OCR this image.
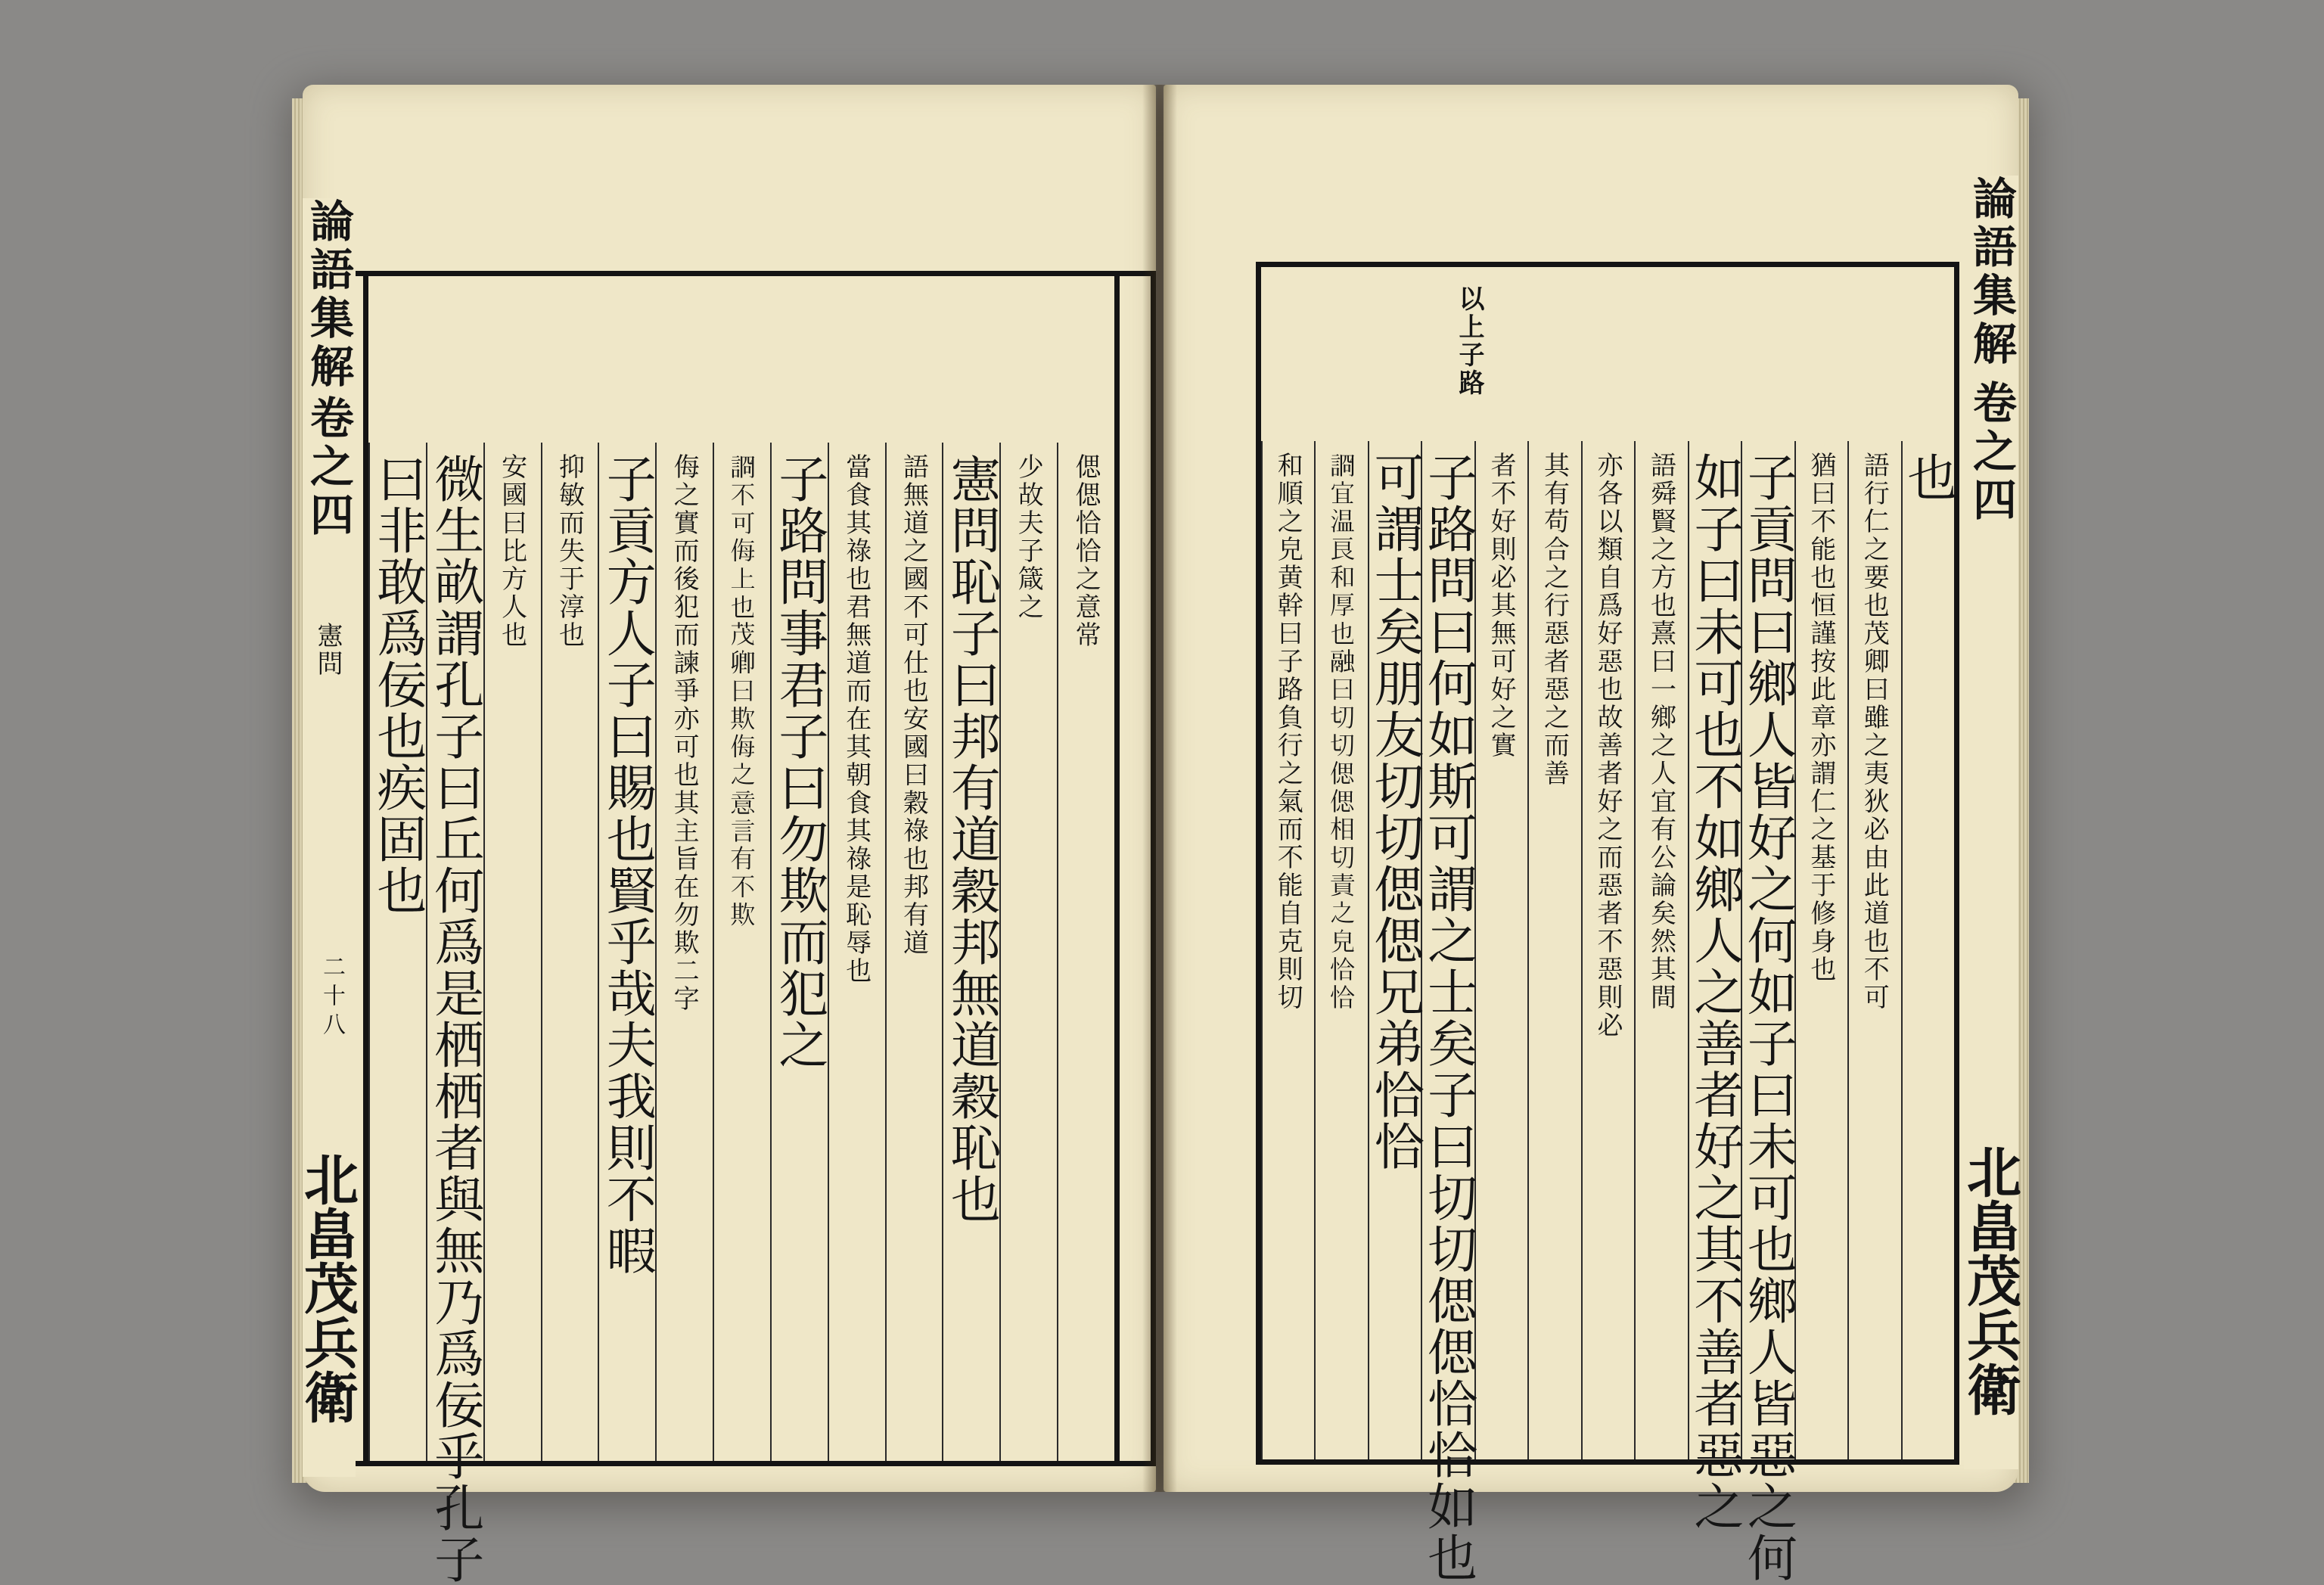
論語集解
卷之四
憲問
二十八
北畠茂兵衛
偲偲恰恰之意常
少故夫子箴之
憲問恥子曰邦有道穀邦無道穀恥也
語無道之國不可仕也安國曰穀祿也邦有道
當食其祿也君無道而在其朝食其祿是恥辱也
子路問事君子曰勿欺而犯之
𧨝不可侮上也茂卿曰欺侮之意言有不欺
侮之實而後犯而諫爭亦可也其主旨在勿欺二字
子貢方人子曰賜也賢乎哉夫我則不暇
抑敏而失于淳也
安國曰比方人也
微生畝謂孔子曰丘何爲是栖栖者與無乃爲佞乎孔子
曰非敢爲佞也疾固也
以上子路
也
語行仁之要也茂卿曰雖之夷狄必由此道也不可
猶曰不能也恒謹按此章亦謂仁之基于修身也
子貢問曰鄉人皆好之何如子曰未可也鄉人皆惡之何
如子曰未可也不如鄉人之善者好之其不善者惡之
語舜賢之方也熹曰一鄉之人宜有公論矣然其間
亦各以類自爲好惡也故善者好之而惡者不惡則必
其有苟合之行惡者惡之而善
者不好則必其無可好之實
子路問曰何如斯可謂之士矣子曰切切偲偲恰恰如也
可謂士矣朋友切切偲偲兄弟恰恰
𧨝宜温良和厚也融曰切切偲偲相切責之皃恰恰
和順之皃黄幹曰子路負行之氣而不能自克則切
論語集解
卷之四
北畠茂兵衛
